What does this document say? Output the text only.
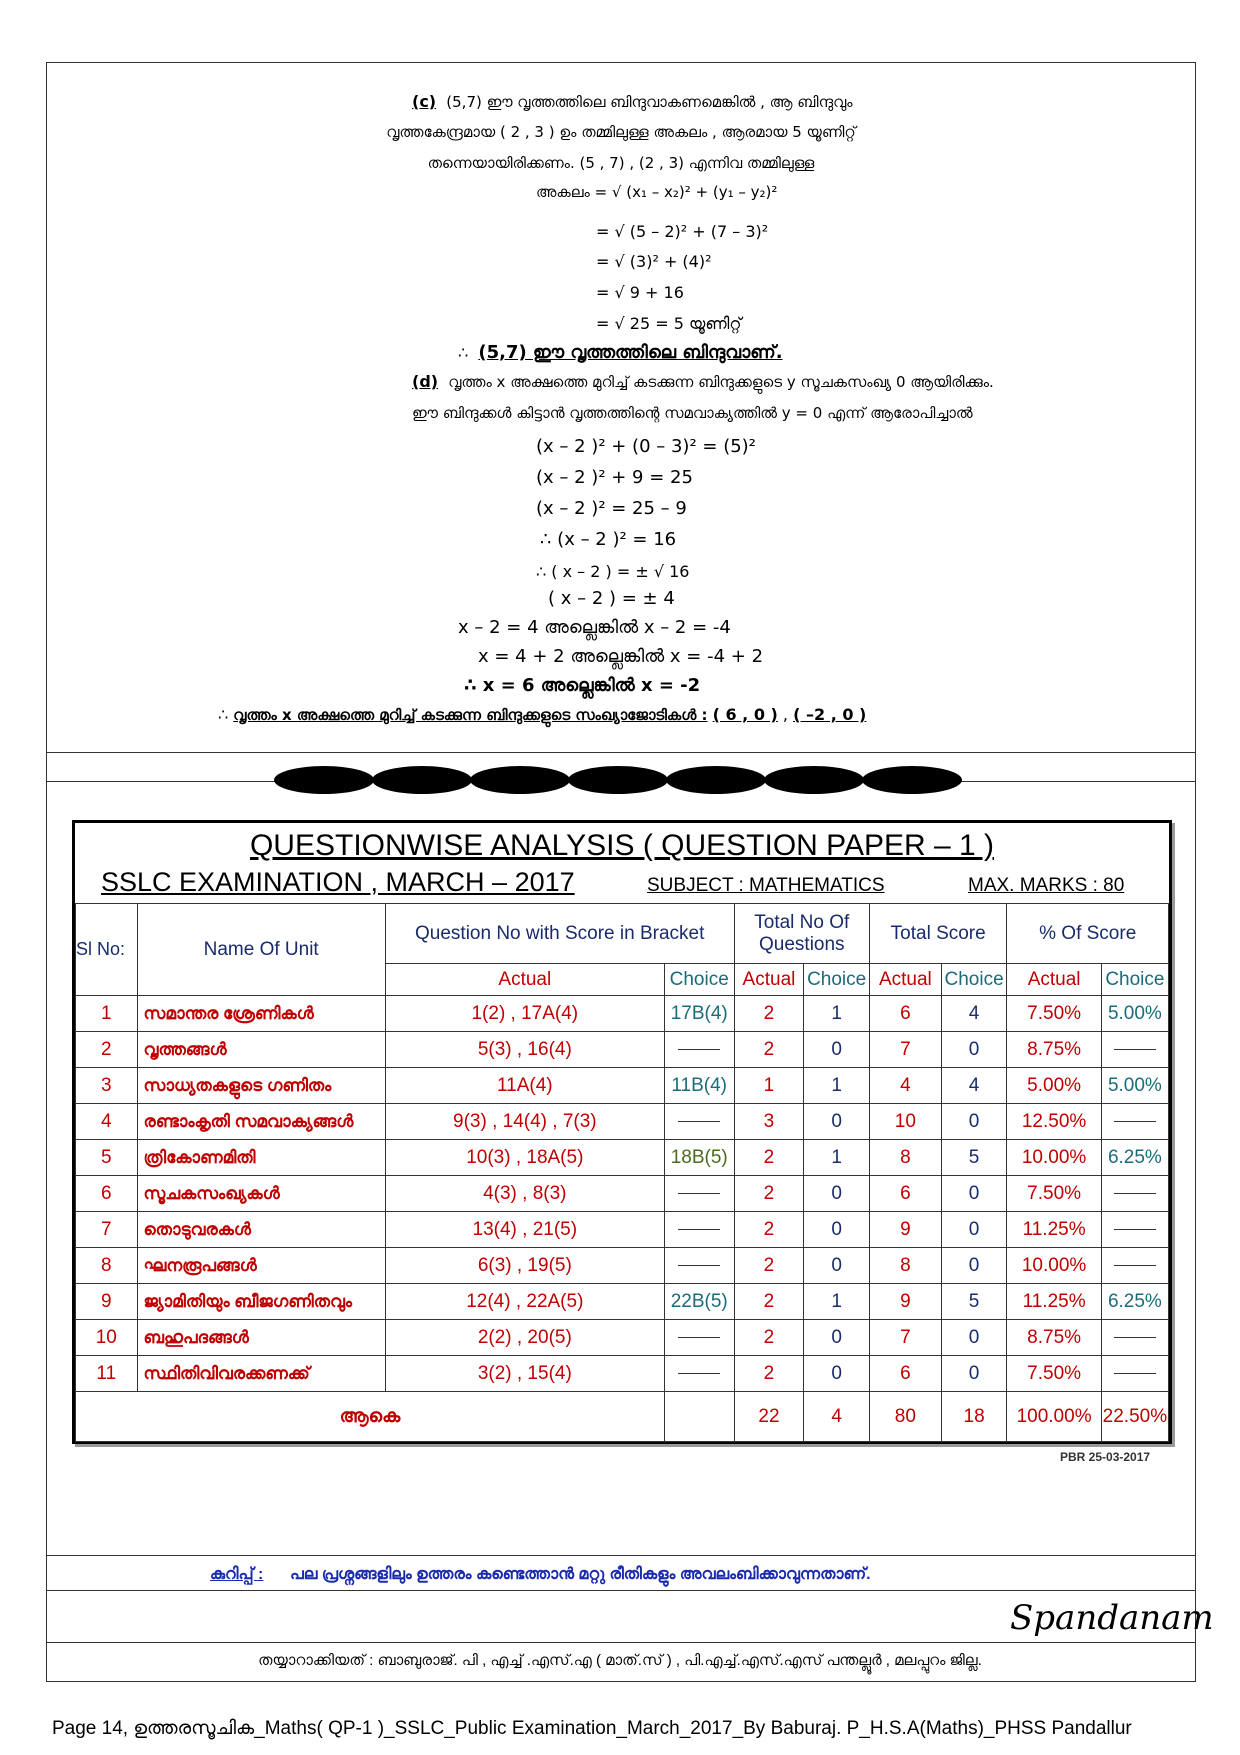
(c) (5,7) ഈ വൃത്തത്തിലെ ബിന്ദുവാകണമെങ്കിൽ , ആ ബിന്ദുവും
വൃത്തകേന്ദ്രമായ ( 2 , 3 ) ഉം തമ്മിലുള്ള അകലം , ആരമായ 5 യൂണിറ്റ്
തന്നെയായിരിക്കണം. (5 , 7) , (2 , 3) എന്നിവ തമ്മിലുള്ള
അകലം = √ (x₁ – x₂)² + (y₁ – y₂)²
= √ (5 – 2)² + (7 – 3)²
= √ (3)² + (4)²
= √ 9 + 16
= √ 25 = 5 യൂണിറ്റ്
∴ (5,7) ഈ വൃത്തത്തിലെ ബിന്ദുവാണ്.
(d) വൃത്തം x അക്ഷത്തെ മുറിച്ച് കടക്കുന്ന ബിന്ദുക്കളുടെ y സൂചകസംഖ്യ 0 ആയിരിക്കും.
ഈ ബിന്ദുക്കൾ കിട്ടാൻ വൃത്തത്തിന്റെ സമവാക്യത്തിൽ y = 0 എന്ന് ആരോപിച്ചാൽ
(x – 2 )² + (0 – 3)² = (5)²
(x – 2 )² + 9 = 25
(x – 2 )² = 25 – 9
∴ (x – 2 )² = 16
∴ ( x – 2 ) = ± √ 16
( x – 2 ) = ± 4
x – 2 = 4 അല്ലെങ്കിൽ x – 2 = -4
x = 4 + 2 അല്ലെങ്കിൽ x = -4 + 2
∴ x = 6 അല്ലെങ്കിൽ x = -2
∴ വൃത്തം x അക്ഷത്തെ മുറിച്ച് കടക്കുന്ന ബിന്ദുക്കളുടെ സംഖ്യാജോടികൾ : ( 6 , 0 ) , ( –2 , 0 )
QUESTIONWISE ANALYSIS ( QUESTION PAPER – 1 )
SSLC EXAMINATION , MARCH – 2017	SUBJECT : MATHEMATICS	MAX. MARKS : 80
Sl No:	Name Of Unit	Question No with Score in Bracket		Total No Of Questions		Total Score		% Of Score	
		Actual	Choice	Actual	Choice	Actual	Choice	Actual	Choice
1	സമാന്തര ശ്രേണികൾ	1(2) , 17A(4)	17B(4)	2	1	6	4	7.50%	5.00%
2	വൃത്തങ്ങൾ	5(3) , 16(4)		2	0	7	0	8.75%	
3	സാധ്യതകളുടെ ഗണിതം	11A(4)	11B(4)	1	1	4	4	5.00%	5.00%
4	രണ്ടാംകൃതി സമവാക്യങ്ങൾ	9(3) , 14(4) , 7(3)		3	0	10	0	12.50%	
5	ത്രികോണമിതി	10(3) , 18A(5)	18B(5)	2	1	8	5	10.00%	6.25%
6	സൂചകസംഖ്യകൾ	4(3) , 8(3)		2	0	6	0	7.50%	
7	തൊടുവരകൾ	13(4) , 21(5)		2	0	9	0	11.25%	
8	ഘനരൂപങ്ങൾ	6(3) , 19(5)		2	0	8	0	10.00%	
9	ജ്യാമിതിയും ബീജഗണിതവും	12(4) , 22A(5)	22B(5)	2	1	9	5	11.25%	6.25%
10	ബഹുപദങ്ങൾ	2(2) , 20(5)		2	0	7	0	8.75%	
11	സ്ഥിതിവിവരക്കണക്ക്	3(2) , 15(4)		2	0	6	0	7.50%	
ആകെ				22	4	80	18	100.00%	22.50%
PBR 25-03-2017
കുറിപ്പ് : പല പ്രശ്നങ്ങളിലും ഉത്തരം കണ്ടെത്താൻ മറ്റു രീതികളും അവലംബിക്കാവുന്നതാണ്.
Spandanam
തയ്യാറാക്കിയത് : ബാബുരാജ്. പി , എച്ച് .എസ്.എ ( മാത്.സ് ) , പി.എച്ച്.എസ്.എസ് പന്തല്ലൂർ , മലപ്പുറം ജില്ല.
Page 14, ഉത്തരസൂചിക_Maths( QP-1 )_SSLC_Public Examination_March_2017_By Baburaj. P_H.S.A(Maths)_PHSS Pandallur
